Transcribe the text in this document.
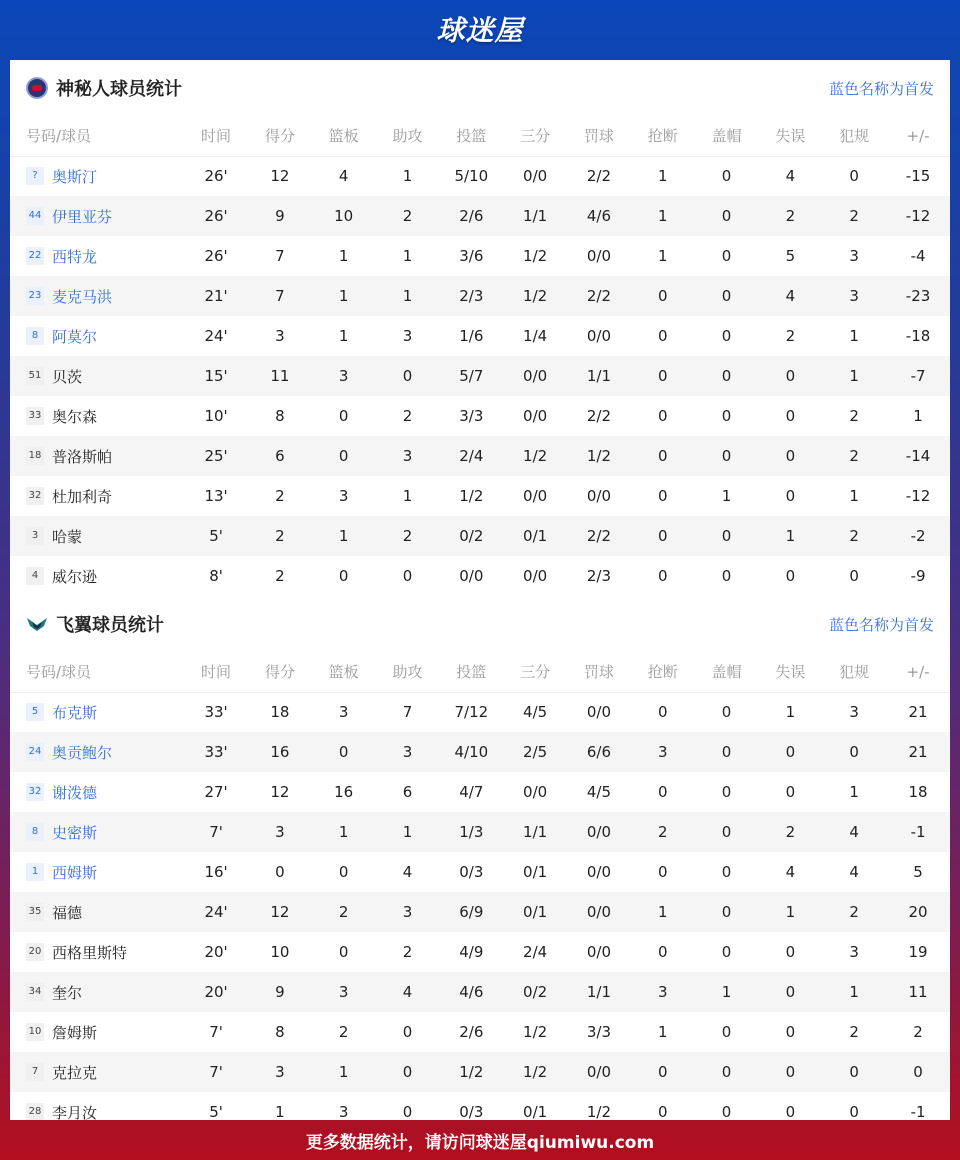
球迷屋
神秘人球员统计	蓝色名称为首发
号码/球员	时间	得分	篮板	助攻	投篮	三分	罚球	抢断	盖帽	失误	犯规	+/-
? 奥斯汀	26'	12	4	1	5/10	0/0	2/2	1	0	4	0	-15
44 伊里亚芬	26'	9	10	2	2/6	1/1	4/6	1	0	2	2	-12
22 西特龙	26'	7	1	1	3/6	1/2	0/0	1	0	5	3	-4
23 麦克马洪	21'	7	1	1	2/3	1/2	2/2	0	0	4	3	-23
8 阿莫尔	24'	3	1	3	1/6	1/4	0/0	0	0	2	1	-18
51 贝茨	15'	11	3	0	5/7	0/0	1/1	0	0	0	1	-7
33 奥尔森	10'	8	0	2	3/3	0/0	2/2	0	0	0	2	1
18 普洛斯帕	25'	6	0	3	2/4	1/2	1/2	0	0	0	2	-14
32 杜加利奇	13'	2	3	1	1/2	0/0	0/0	0	1	0	1	-12
3 哈蒙	5'	2	1	2	0/2	0/1	2/2	0	0	1	2	-2
4 威尔逊	8'	2	0	0	0/0	0/0	2/3	0	0	0	0	-9
飞翼球员统计	蓝色名称为首发
号码/球员	时间	得分	篮板	助攻	投篮	三分	罚球	抢断	盖帽	失误	犯规	+/-
5 布克斯	33'	18	3	7	7/12	4/5	0/0	0	0	1	3	21
24 奥贡鲍尔	33'	16	0	3	4/10	2/5	6/6	3	0	0	0	21
32 谢泼德	27'	12	16	6	4/7	0/0	4/5	0	0	0	1	18
8 史密斯	7'	3	1	1	1/3	1/1	0/0	2	0	2	4	-1
1 西姆斯	16'	0	0	4	0/3	0/1	0/0	0	0	4	4	5
35 福德	24'	12	2	3	6/9	0/1	0/0	1	0	1	2	20
20 西格里斯特	20'	10	0	2	4/9	2/4	0/0	0	0	0	3	19
34 奎尔	20'	9	3	4	4/6	0/2	1/1	3	1	0	1	11
10 詹姆斯	7'	8	2	0	2/6	1/2	3/3	1	0	0	2	2
7 克拉克	7'	3	1	0	1/2	1/2	0/0	0	0	0	0	0
28 李月汝	5'	1	3	0	0/3	0/1	1/2	0	0	0	0	-1
更多数据统计，请访问球迷屋qiumiwu.com
